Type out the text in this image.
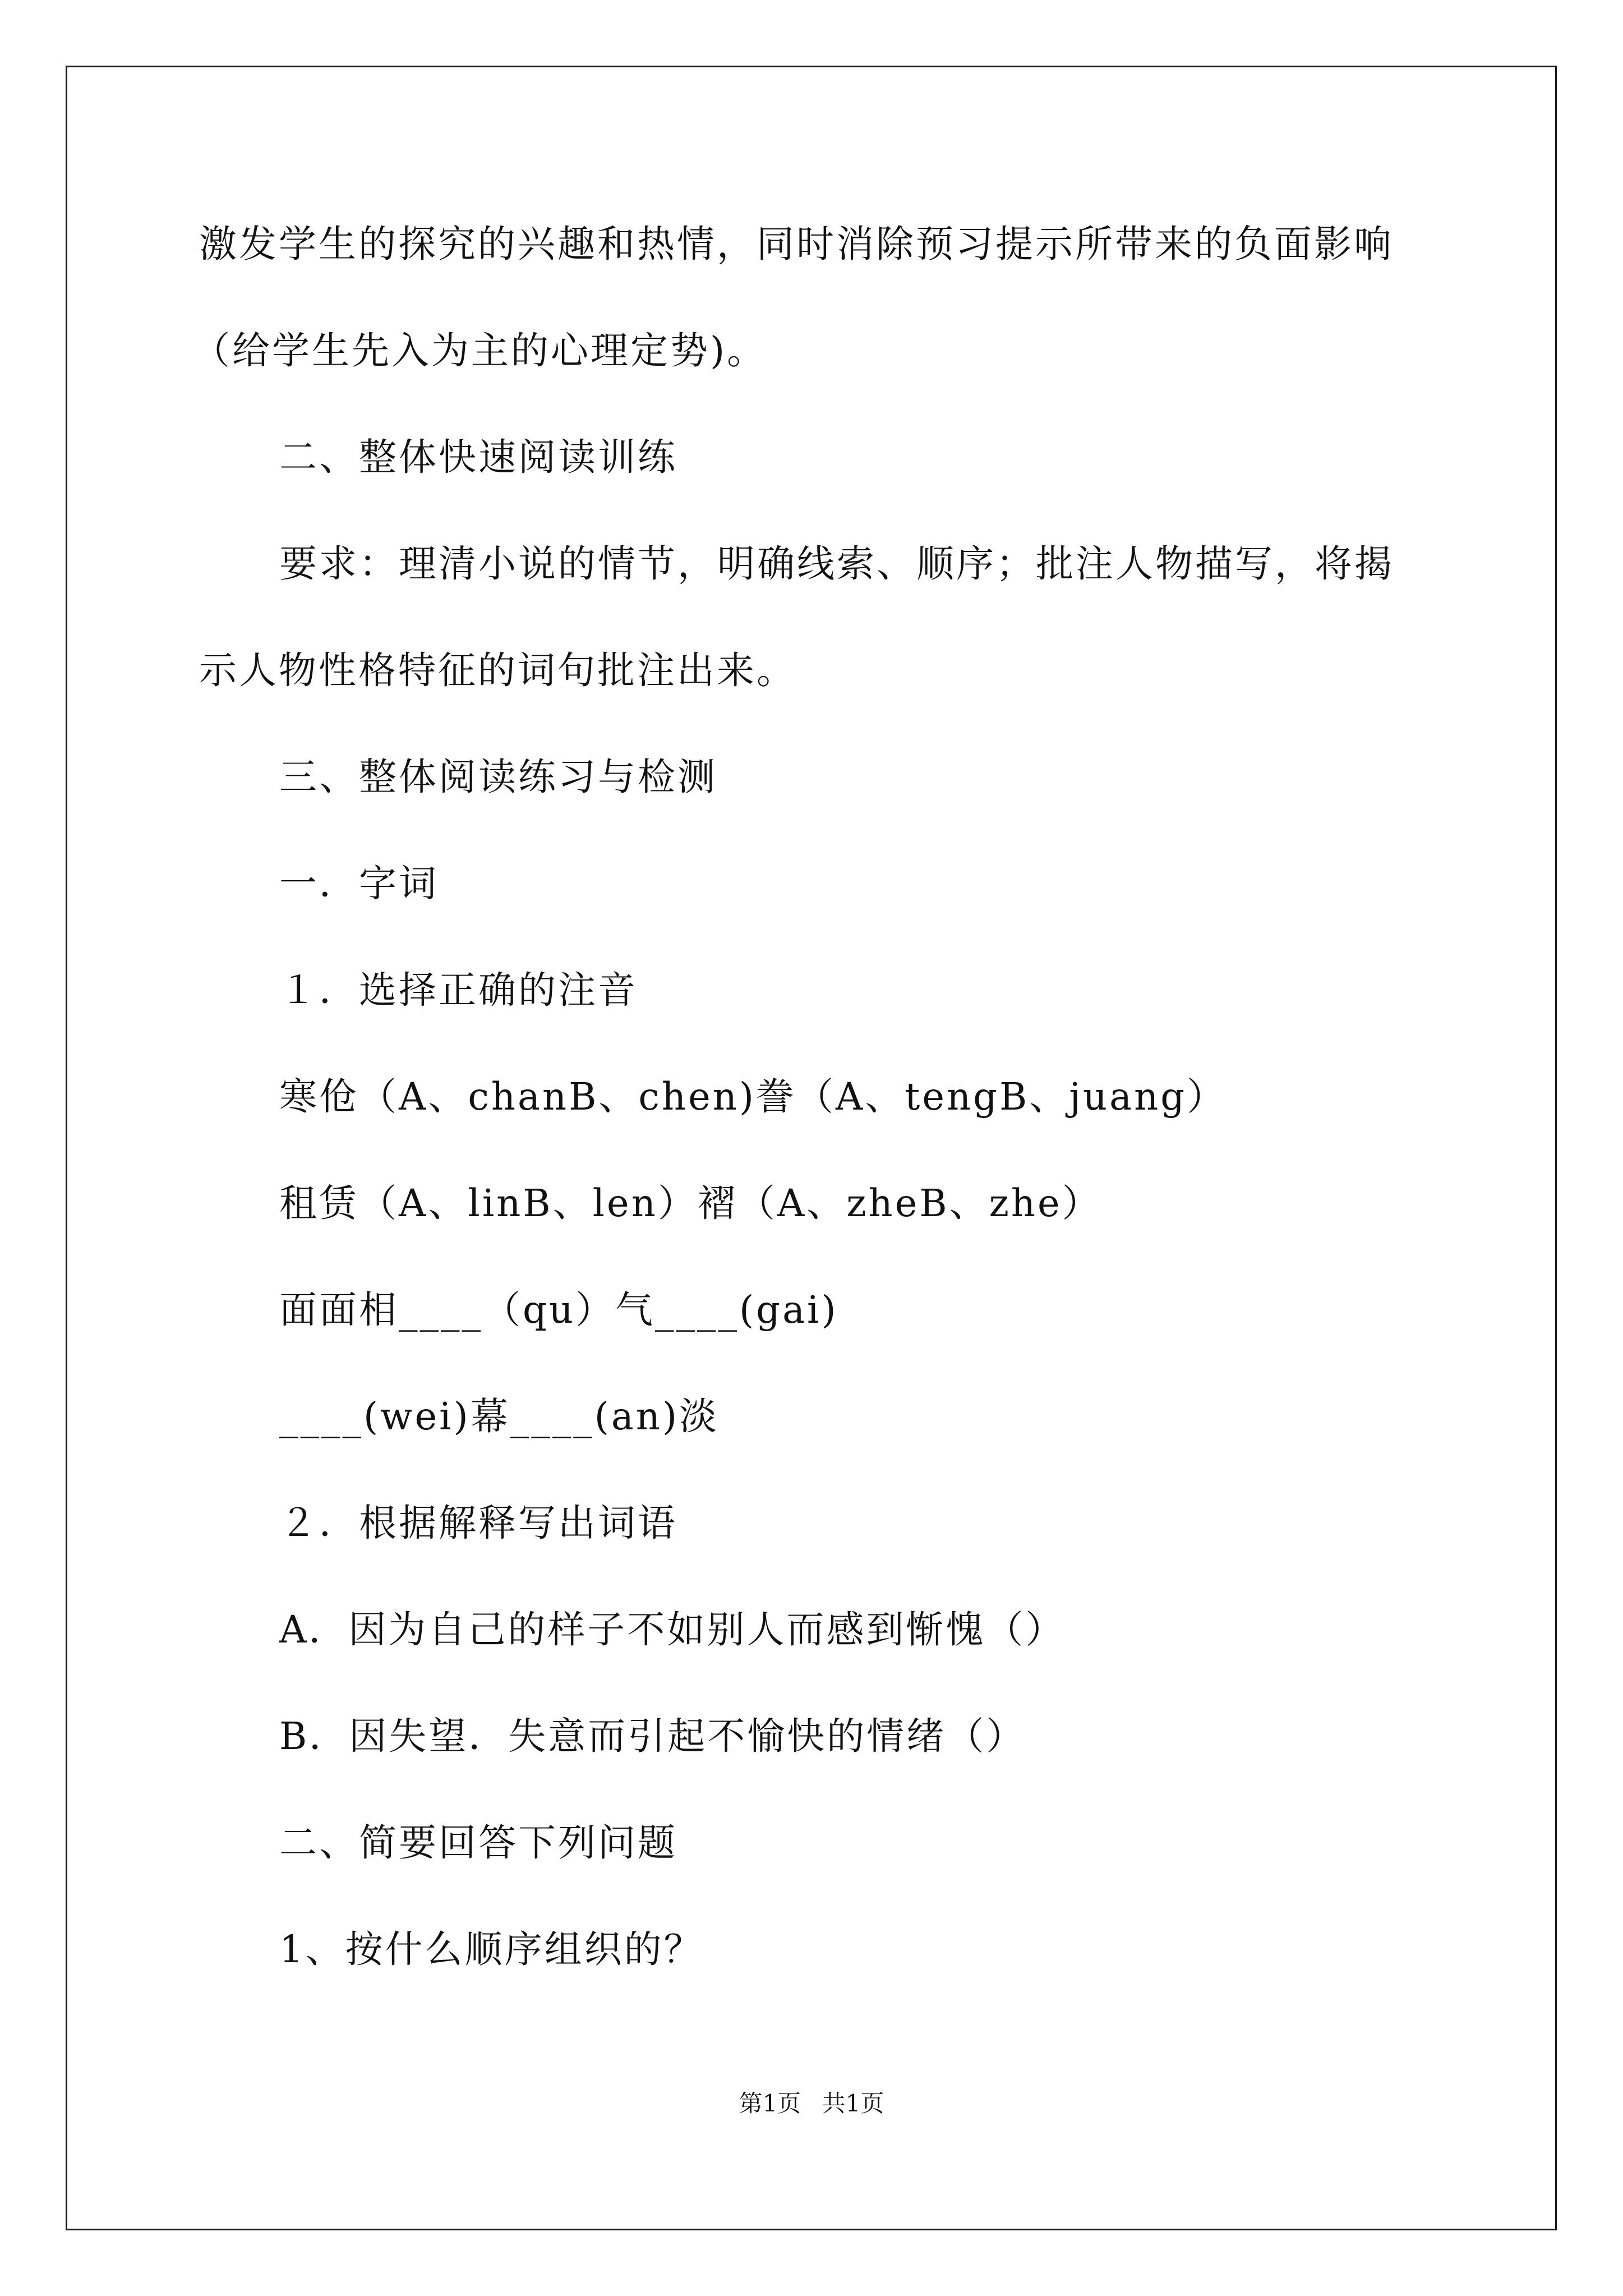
激发学生的探究的兴趣和热情，同时消除预习提示所带来的负面影响
（给学生先入为主的心理定势)。
二、整体快速阅读训练
要求：理清小说的情节，明确线索、顺序；批注人物描写，将揭
示人物性格特征的词句批注出来。
三、整体阅读练习与检测
一．字词
１．选择正确的注音
寒伧（A、chanB、chen)誊（A、tengB、juang）
租赁（A、linB、len）褶（A、zheB、zhe）
面面相____（qu）气____(gai)
____(wei)幕____(an)淡
２．根据解释写出词语
A．因为自己的样子不如别人而感到惭愧（）
B．因失望．失意而引起不愉快的情绪（）
二、简要回答下列问题
1、按什么顺序组织的？
第1页 共1页
